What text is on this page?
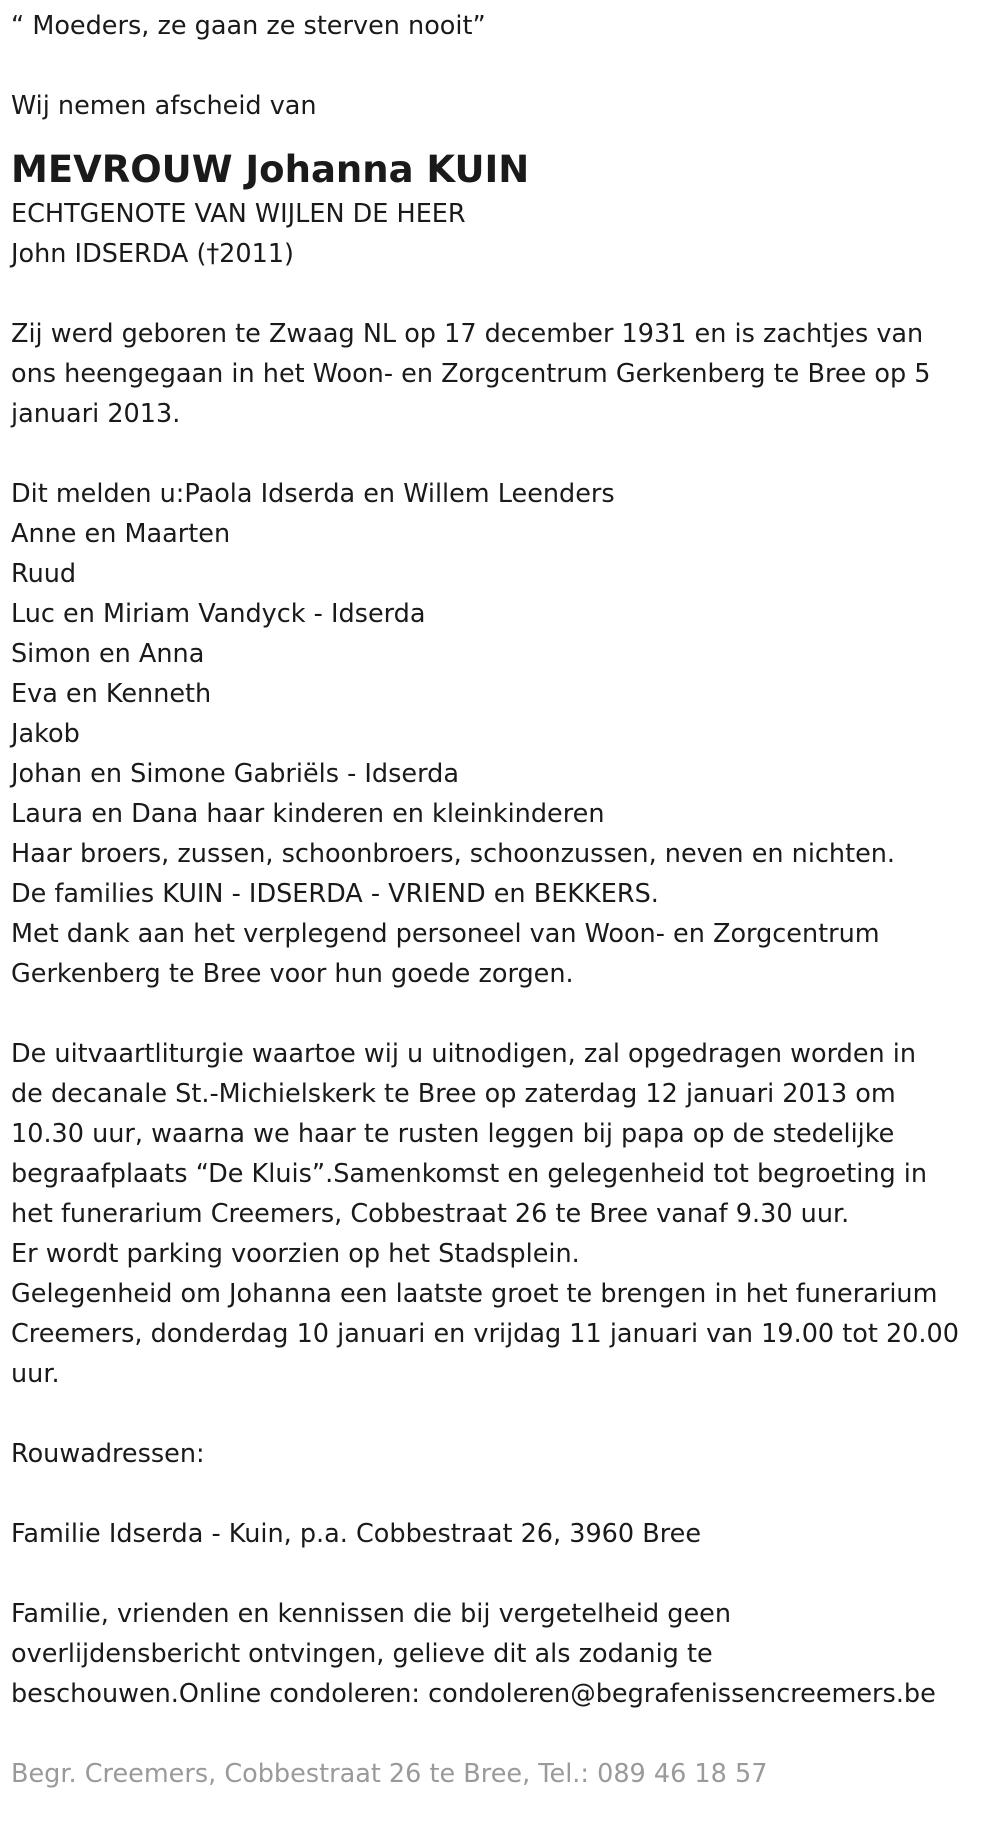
“ Moeders, ze gaan ze sterven nooit”
Wij nemen afscheid van
MEVROUW Johanna KUIN
ECHTGENOTE VAN WIJLEN DE HEER
John IDSERDA (†2011)
Zij werd geboren te Zwaag NL op 17 december 1931 en is zachtjes van
ons heengegaan in het Woon- en Zorgcentrum Gerkenberg te Bree op 5
januari 2013.
Dit melden u:Paola Idserda en Willem Leenders
Anne en Maarten
Ruud
Luc en Miriam Vandyck - Idserda
Simon en Anna
Eva en Kenneth
Jakob
Johan en Simone Gabriëls - Idserda
Laura en Dana haar kinderen en kleinkinderen
Haar broers, zussen, schoonbroers, schoonzussen, neven en nichten.
De families KUIN - IDSERDA - VRIEND en BEKKERS.
Met dank aan het verplegend personeel van Woon- en Zorgcentrum
Gerkenberg te Bree voor hun goede zorgen.
De uitvaartliturgie waartoe wij u uitnodigen, zal opgedragen worden in
de decanale St.-Michielskerk te Bree op zaterdag 12 januari 2013 om
10.30 uur, waarna we haar te rusten leggen bij papa op de stedelijke
begraafplaats “De Kluis”.Samenkomst en gelegenheid tot begroeting in
het funerarium Creemers, Cobbestraat 26 te Bree vanaf 9.30 uur.
Er wordt parking voorzien op het Stadsplein.
Gelegenheid om Johanna een laatste groet te brengen in het funerarium
Creemers, donderdag 10 januari en vrijdag 11 januari van 19.00 tot 20.00
uur.
Rouwadressen:
Familie Idserda - Kuin, p.a. Cobbestraat 26, 3960 Bree
Familie, vrienden en kennissen die bij vergetelheid geen
overlijdensbericht ontvingen, gelieve dit als zodanig te
beschouwen.Online condoleren: condoleren@begrafenissencreemers.be
Begr. Creemers, Cobbestraat 26 te Bree, Tel.: 089 46 18 57
